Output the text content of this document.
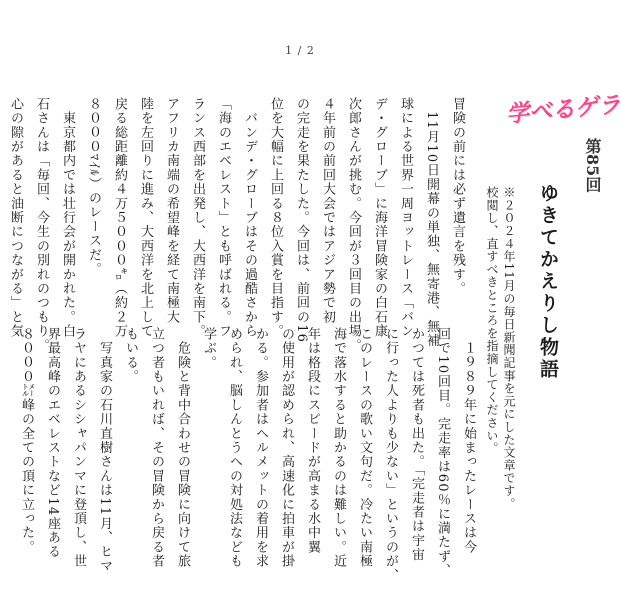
1 / 2
学べるゲラ
第85回
ゆきてかえりし物語
※２０２４年11月の毎日新聞記事を元にした文章です。
校閲し、直すべきところを指摘してください。
　１９８９年に始まったレースは今
回で10回目。完走率は60％に満たず、
かつては死者も出た。「完走者は宇宙
に行った人よりも少ない」というのが、
このレースの歌い文句だ。冷たい南極
海で落水すると助かるのは難しい。近
年は格段にスピードが高まる水中翼
の使用が認められ、高速化に拍車が掛
かる。参加者はヘルメットの着用を求
められ、脳しんとうへの対処法なども
学ぶ。
　危険と背中合わせの冒険に向けて旅
立つ者もいれば、その冒険から戻る者
もいる。
　写真家の石川直樹さんは11月、ヒマ
ラヤにあるシシャパンマに登頂し、世
界最高峰のエベレストなど14座ある
８０００㍍峰の全ての頂に立った。
冒険の前には必ず遺言を残す。
　11月10日開幕の単独、無寄港、無補
球による世界一周ヨットレース「バン
デ・グローブ」に海洋冒険家の白石康
次郎さんが挑む。今回が３回目の出場。
４年前の前回大会ではアジア勢で初
の完走を果たした。今回は、前回の16
位を大幅に上回る８位入賞を目指す。
　バンデ・グローブはその過酷さから
「海のエベレスト」とも呼ばれる。フ
ランス西部を出発し、大西洋を南下。
アフリカ南端の希望峰を経て南極大
陸を左回りに進み、大西洋を北上して
戻る総距離約４万５０００㌔（約２万
８０００ﾏｲﾙ）のレースだ。
　東京都内では壮行会が開かれた。白
石さんは「毎回、今生の別れのつもり。
心の隙があると油断につながる」と気
